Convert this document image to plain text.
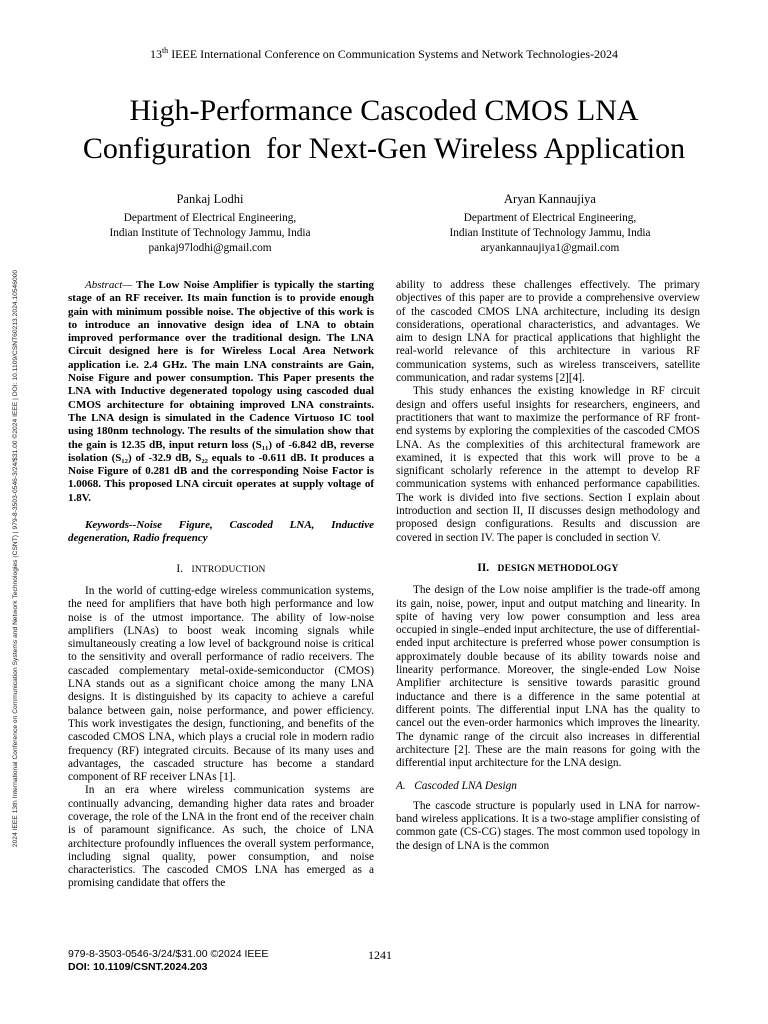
2024 IEEE 13th International Conference on Communication Systems and Network Technologies (CSNT) | 979-8-3503-0546-3/24/$31.00 ©2024 IEEE | DOI: 10.1109/CSNT60213.2024.10546000
13th IEEE International Conference on Communication Systems and Network Technologies-2024
High-Performance Cascoded CMOS LNA
Configuration  for Next-Gen Wireless Application
Pankaj Lodhi
Department of Electrical Engineering,
Indian Institute of Technology Jammu, India
pankaj97lodhi@gmail.com
Aryan Kannaujiya
Department of Electrical Engineering,
Indian Institute of Technology Jammu, India
aryankannaujiya1@gmail.com

Abstract— The Low Noise Amplifier is typically the starting stage of an RF receiver. Its main function is to provide enough gain with minimum possible noise. The objective of this work is to introduce an innovative design idea of LNA to obtain improved performance over the traditional design. The LNA Circuit designed here is for Wireless Local Area Network application i.e. 2.4 GHz. The main LNA constraints are Gain, Noise Figure and power consumption. This Paper presents the LNA with Inductive degenerated topology using cascoded dual CMOS architecture for obtaining improved LNA constraints. The LNA design is simulated in the Cadence Virtuoso IC tool using 180nm technology. The results of the simulation show that the gain is 12.35 dB, input return loss (S₁₁) of -6.842 dB, reverse isolation (S₁₂) of -32.9 dB, S₂₂ equals to -0.611 dB. It produces a Noise Figure of 0.281 dB and the corresponding Noise Factor is 1.0068. This proposed LNA circuit operates at supply voltage of 1.8V.

Keywords--Noise Figure, Cascoded LNA, Inductive degeneration, Radio frequency

I. INTRODUCTION

In the world of cutting-edge wireless communication systems, the need for amplifiers that have both high performance and low noise is of the utmost importance. The ability of low-noise amplifiers (LNAs) to boost weak incoming signals while simultaneously creating a low level of background noise is critical to the sensitivity and overall performance of radio receivers. The cascaded complementary metal-oxide-semiconductor (CMOS) LNA stands out as a significant choice among the many LNA designs. It is distinguished by its capacity to achieve a careful balance between gain, noise performance, and power efficiency. This work investigates the design, functioning, and benefits of the cascoded CMOS LNA, which plays a crucial role in modern radio frequency (RF) integrated circuits. Because of its many uses and advantages, the cascaded structure has become a standard component of RF receiver LNAs [1].

In an era where wireless communication systems are continually advancing, demanding higher data rates and broader coverage, the role of the LNA in the front end of the receiver chain is of paramount significance. As such, the choice of LNA architecture profoundly influences the overall system performance, including signal quality, power consumption, and noise characteristics. The cascoded CMOS LNA has emerged as a promising candidate that offers the

ability to address these challenges effectively. The primary objectives of this paper are to provide a comprehensive overview of the cascoded CMOS LNA architecture, including its design considerations, operational characteristics, and advantages. We aim to design LNA for practical applications that highlight the real-world relevance of this architecture in various RF communication systems, such as wireless transceivers, satellite communication, and radar systems [2][4].

This study enhances the existing knowledge in RF circuit design and offers useful insights for researchers, engineers, and practitioners that want to maximize the performance of RF front-end systems by exploring the complexities of the cascoded CMOS LNA. As the complexities of this architectural framework are examined, it is expected that this work will prove to be a significant scholarly reference in the attempt to develop RF communication systems with enhanced performance capabilities. The work is divided into five sections. Section I explain about introduction and section II, II discusses design methodology and proposed design configurations. Results and discussion are covered in section IV. The paper is concluded in section V.

II. DESIGN METHODOLOGY

The design of the Low noise amplifier is the trade-off among its gain, noise, power, input and output matching and linearity. In spite of having very low power consumption and less area occupied in single–ended input architecture, the use of differential-ended input architecture is preferred whose power consumption is approximately double because of its ability towards noise and linearity performance. Moreover, the single-ended Low Noise Amplifier architecture is sensitive towards parasitic ground inductance and there is a difference in the same potential at different points. The differential input LNA has the quality to cancel out the even-order harmonics which improves the linearity. The dynamic range of the circuit also increases in differential architecture [2]. These are the main reasons for going with the differential input architecture for the LNA design.

A. Cascoded LNA Design

The cascode structure is popularly used in LNA for narrow-band wireless applications. It is a two-stage amplifier consisting of common gate (CS-CG) stages. The most common used topology in the design of LNA is the common

979-8-3503-0546-3/24/$31.00 ©2024 IEEE
DOI: 10.1109/CSNT.2024.203
1241
